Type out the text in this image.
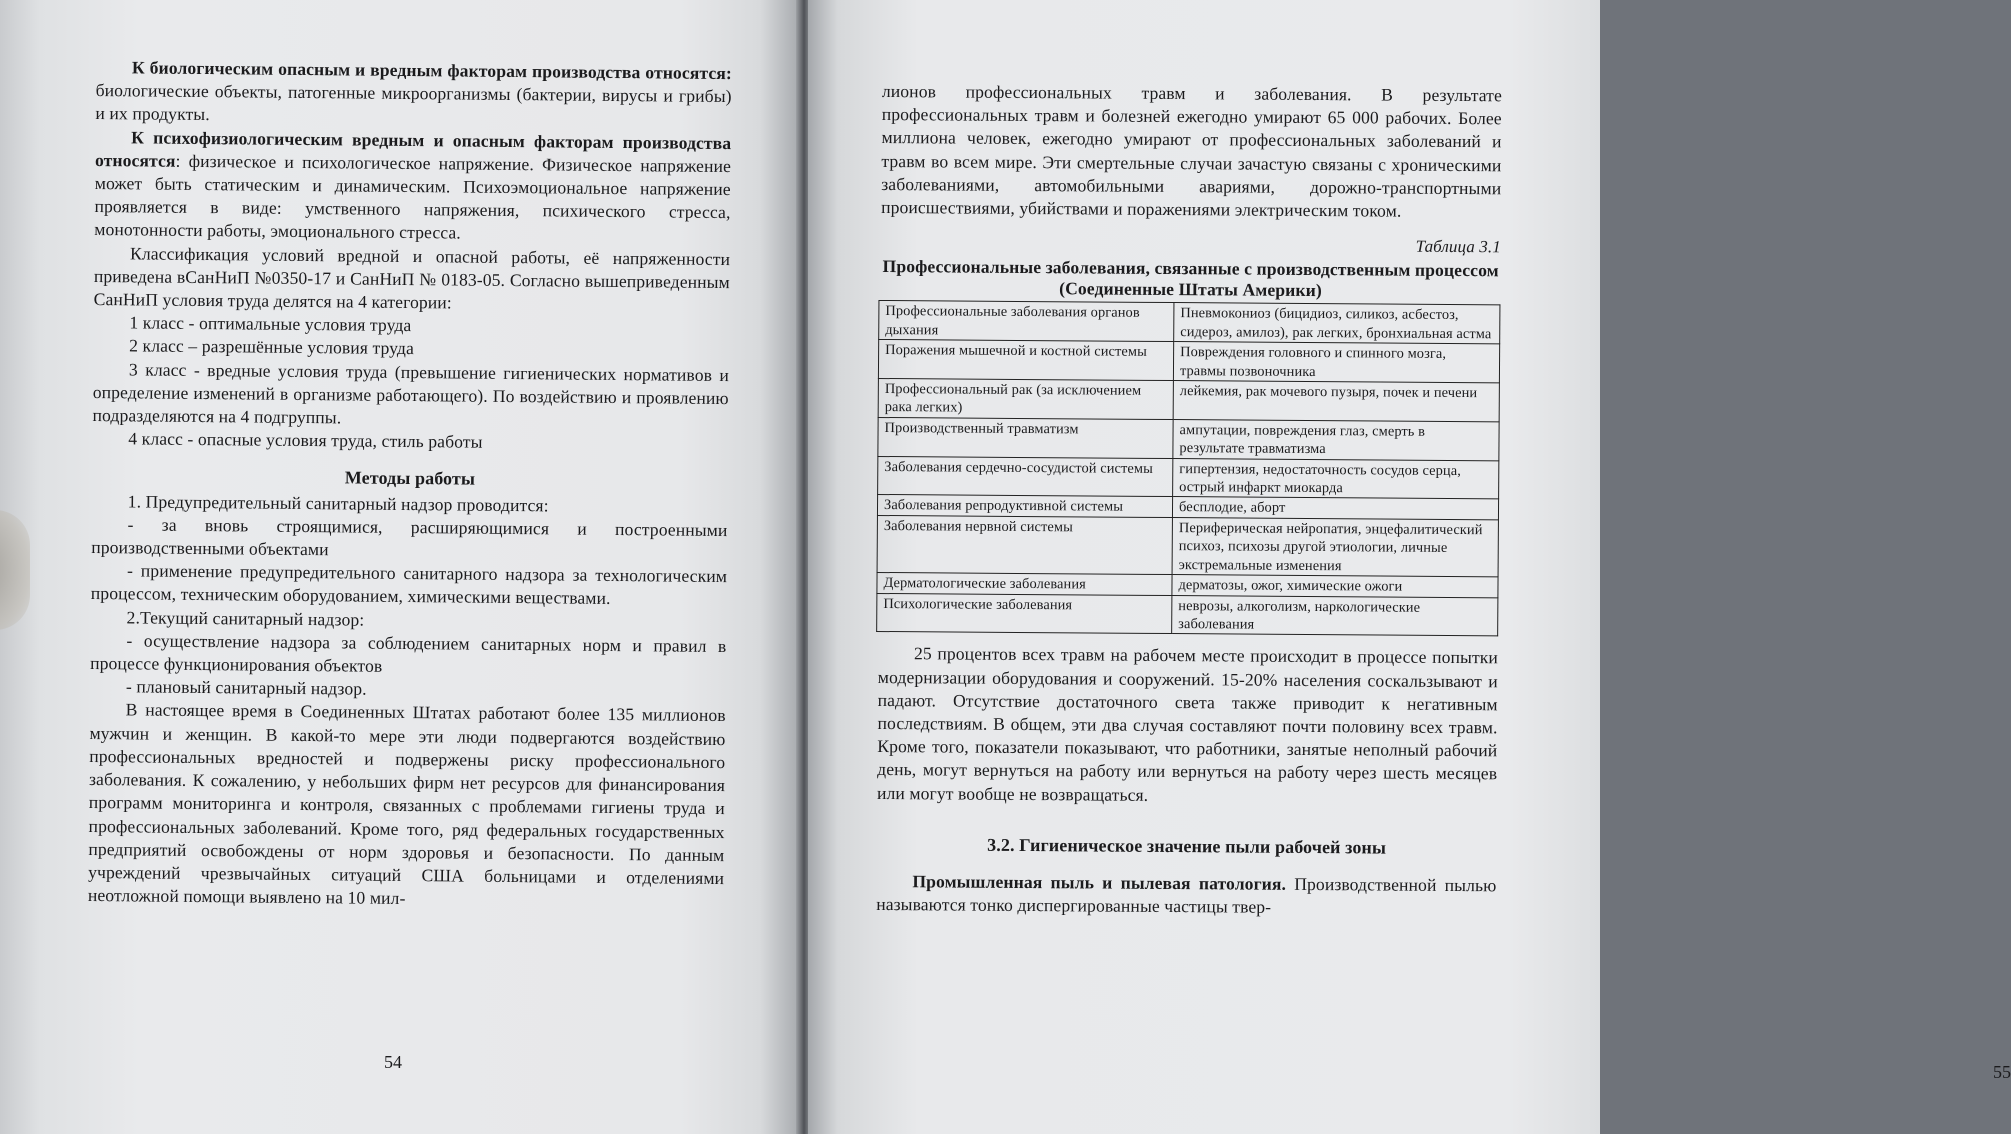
К биологическим опасным и вредным факторам производства относятся: биологические объекты, патогенные микроорганизмы (бактерии, вирусы и грибы) и их продукты.

К психофизиологическим вредным и опасным факторам производства относятся: физическое и психологическое напряжение. Физическое напряжение может быть статическим и динамическим. Психоэмоциональное напряжение проявляется в виде: умственного напряжения, психического стресса, монотонности работы, эмоционального стресса.

Классификация условий вредной и опасной работы, её напряженности приведена вСанНиП №0350-17 и СанНиП № 0183-05. Согласно вышеприведенным СанНиП условия труда делятся на 4 категории:

1 класс - оптимальные условия труда

2 класс – разрешённые условия труда

3 класс - вредные условия труда (превышение гигиенических нормативов и определение изменений в организме работающего). По воздействию и проявлению подразделяются на 4 подгруппы.

4 класс - опасные условия труда, стиль работы

Методы работы

1. Предупредительный санитарный надзор проводится:

- за вновь строящимися, расширяющимися и построенными производственными объектами

- применение предупредительного санитарного надзора за технологическим процессом, техническим оборудованием, химическими веществами.

2.Текущий санитарный надзор:

- осуществление надзора за соблюдением санитарных норм и правил в процессе функционирования объектов

- плановый санитарный надзор.

В настоящее время в Соединенных Штатах работают более 135 миллионов мужчин и женщин. В какой-то мере эти люди подвергаются воздействию профессиональных вредностей и подвержены риску профессионального заболевания. К сожалению, у небольших фирм нет ресурсов для финансирования программ мониторинга и контроля, связанных с проблемами гигиены труда и профессиональных заболеваний. Кроме того, ряд федеральных государственных предприятий освобождены от норм здоровья и безопасности. По данным учреждений чрезвычайных ситуаций США больницами и отделениями неотложной помощи выявлено на 10 мил-

54	55

лионов профессиональных травм и заболевания. В результате профессиональных травм и болезней ежегодно умирают 65 000 рабочих. Более миллиона человек, ежегодно умирают от профессиональных заболеваний и травм во всем мире. Эти смертельные случаи зачастую связаны с хроническими заболеваниями, автомобильными авариями, дорожно-транспортными происшествиями, убийствами и поражениями электрическим током.

Таблица 3.1
Профессиональные заболевания, связанные с производственным процессом (Соединенные Штаты Америки)
Профессиональные заболевания органов дыхания	Пневмокониоз (бицидиоз, силикоз, асбестоз, сидероз, амилоз), рак легких, бронхиальная астма
Поражения мышечной и костной системы	Повреждения головного и спинного мозга, травмы позвоночника
Профессиональный рак (за исключением рака легких)	лейкемия, рак мочевого пузыря, почек и печени
Производственный травматизм	ампутации, повреждения глаз, смерть в результате травматизма
Заболевания сердечно-сосудистой системы	гипертензия, недостаточность сосудов серца, острый инфаркт миокарда
Заболевания репродуктивной системы	бесплодие, аборт
Заболевания нервной системы	Периферическая нейропатия, энцефалитический психоз, психозы другой этиологии, личные экстремальные изменения
Дерматологические заболевания	дерматозы, ожог, химические ожоги
Психологические заболевания	неврозы, алкоголизм, наркологические заболевания

25 процентов всех травм на рабочем месте происходит в процессе попытки модернизации оборудования и сооружений. 15-20% населения соскальзывают и падают. Отсутствие достаточного света также приводит к негативным последствиям. В общем, эти два случая составляют почти половину всех травм. Кроме того, показатели показывают, что работники, занятые неполный рабочий день, могут вернуться на работу или вернуться на работу через шесть месяцев или могут вообще не возвращаться.

3.2. Гигиеническое значение пыли рабочей зоны

Промышленная пыль и пылевая патология. Производственной пылью называются тонко диспергированные частицы твер-
